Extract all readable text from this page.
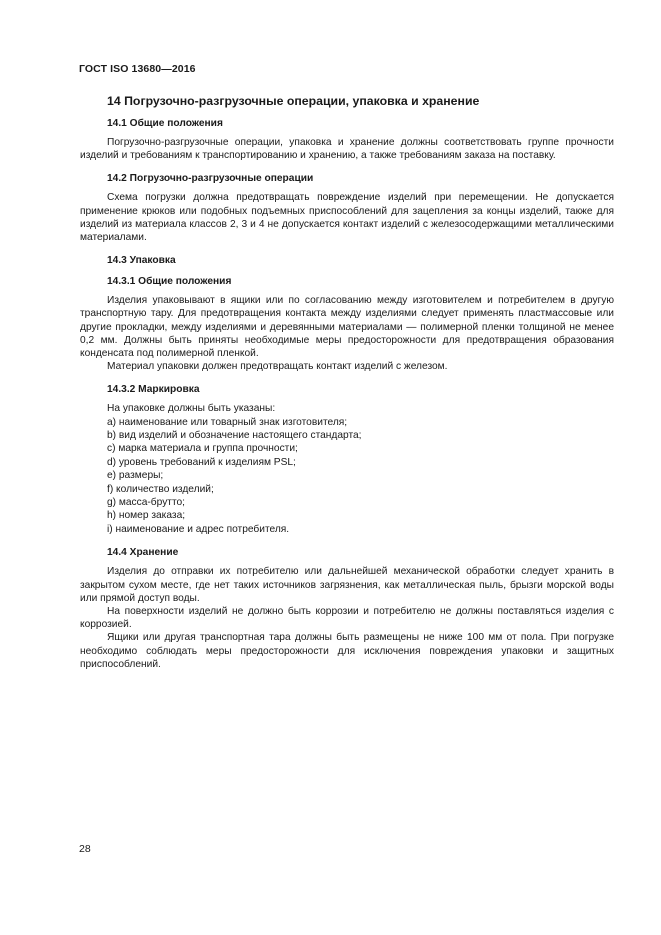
ГОСТ ISO 13680—2016
14 Погрузочно-разгрузочные операции, упаковка и хранение
14.1 Общие положения

Погрузочно-разгрузочные операции, упаковка и хранение должны соответствовать группе прочности изделий и требованиям к транспортированию и хранению, а также требованиям заказа на поставку.

14.2 Погрузочно-разгрузочные операции

Схема погрузки должна предотвращать повреждение изделий при перемещении. Не допускается применение крюков или подобных подъемных приспособлений для зацепления за концы изделий, также для изделий из материала классов 2, 3 и 4 не допускается контакт изделий с железосодержащими металлическими материалами.

14.3 Упаковка
14.3.1 Общие положения

Изделия упаковывают в ящики или по согласованию между изготовителем и потребителем в другую транспортную тару. Для предотвращения контакта между изделиями следует применять пластмассовые или другие прокладки, между изделиями и деревянными материалами — полимерной пленки толщиной не менее 0,2 мм. Должны быть приняты необходимые меры предосторожности для предотвращения образования конденсата под полимерной пленкой.

Материал упаковки должен предотвращать контакт изделий с железом.

14.3.2 Маркировка

На упаковке должны быть указаны:

a) наименование или товарный знак изготовителя;
b) вид изделий и обозначение настоящего стандарта;
c) марка материала и группа прочности;
d) уровень требований к изделиям PSL;
e) размеры;
f) количество изделий;
g) масса-брутто;
h) номер заказа;
i) наименование и адрес потребителя.
14.4 Хранение

Изделия до отправки их потребителю или дальнейшей механической обработки следует хранить в закрытом сухом месте, где нет таких источников загрязнения, как металлическая пыль, брызги морской воды или прямой доступ воды.

На поверхности изделий не должно быть коррозии и потребителю не должны поставляться изделия с коррозией.

Ящики или другая транспортная тара должны быть размещены не ниже 100 мм от пола. При погрузке необходимо соблюдать меры предосторожности для исключения повреждения упаковки и защитных приспособлений.

28
